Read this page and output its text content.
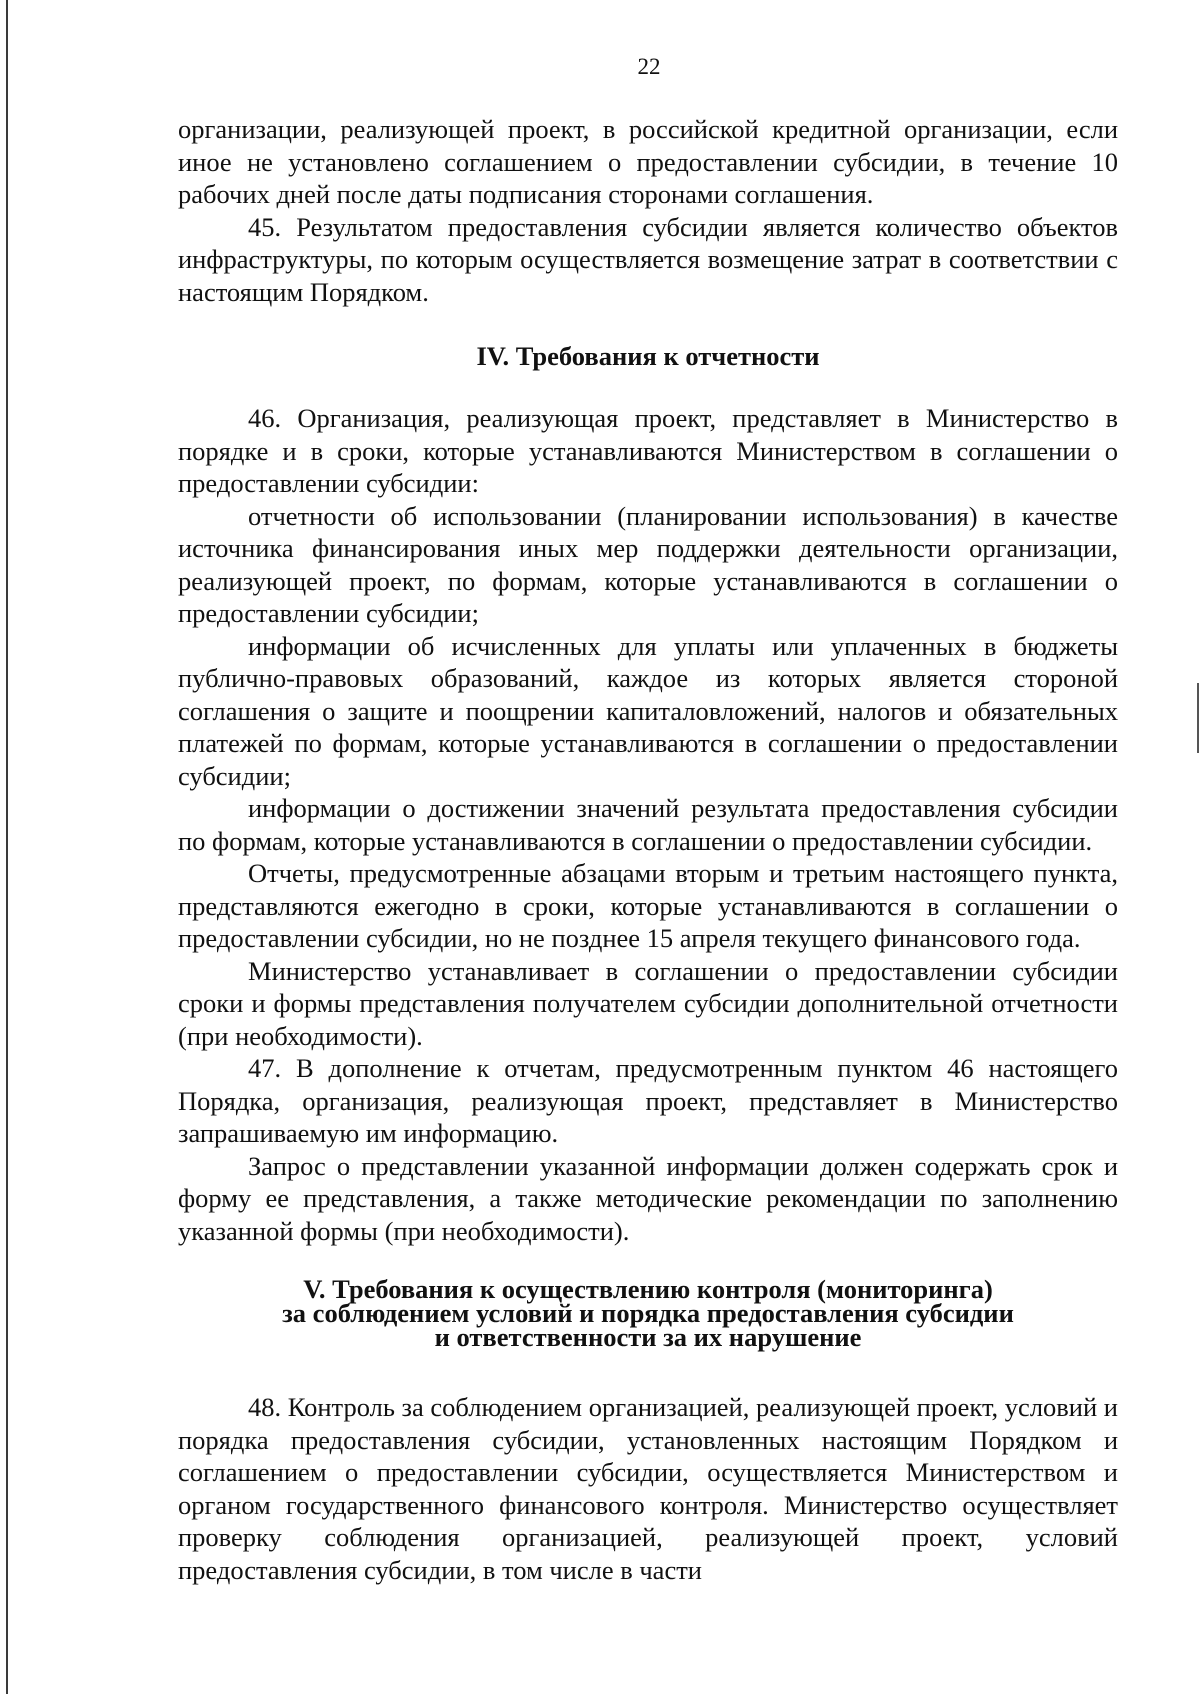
22

организации, реализующей проект, в российской кредитной организации, если иное не установлено соглашением о предоставлении субсидии, в течение 10 рабочих дней после даты подписания сторонами соглашения.

45. Результатом предоставления субсидии является количество объектов инфраструктуры, по которым осуществляется возмещение затрат в соответствии с настоящим Порядком.

IV. Требования к отчетности

46. Организация, реализующая проект, представляет в Министерство в порядке и в сроки, которые устанавливаются Министерством в соглашении о предоставлении субсидии:

отчетности об использовании (планировании использования) в качестве источника финансирования иных мер поддержки деятельности организации, реализующей проект, по формам, которые устанавливаются в соглашении о предоставлении субсидии;

информации об исчисленных для уплаты или уплаченных в бюджеты публично-правовых образований, каждое из которых является стороной соглашения о защите и поощрении капиталовложений, налогов и обязательных платежей по формам, которые устанавливаются в соглашении о предоставлении субсидии;

информации о достижении значений результата предоставления субсидии по формам, которые устанавливаются в соглашении о предоставлении субсидии.

Отчеты, предусмотренные абзацами вторым и третьим настоящего пункта, представляются ежегодно в сроки, которые устанавливаются в соглашении о предоставлении субсидии, но не позднее 15 апреля текущего финансового года.

Министерство устанавливает в соглашении о предоставлении субсидии сроки и формы представления получателем субсидии дополнительной отчетности (при необходимости).

47. В дополнение к отчетам, предусмотренным пунктом 46 настоящего Порядка, организация, реализующая проект, представляет в Министерство запрашиваемую им информацию.

Запрос о представлении указанной информации должен содержать срок и форму ее представления, а также методические рекомендации по заполнению указанной формы (при необходимости).

V. Требования к осуществлению контроля (мониторинга)
за соблюдением условий и порядка предоставления субсидии
и ответственности за их нарушение

48. Контроль за соблюдением организацией, реализующей проект, условий и порядка предоставления субсидии, установленных настоящим Порядком и соглашением о предоставлении субсидии, осуществляется Министерством и органом государственного финансового контроля. Министерство осуществляет проверку соблюдения организацией, реализующей проект, условий предоставления субсидии, в том числе в части
